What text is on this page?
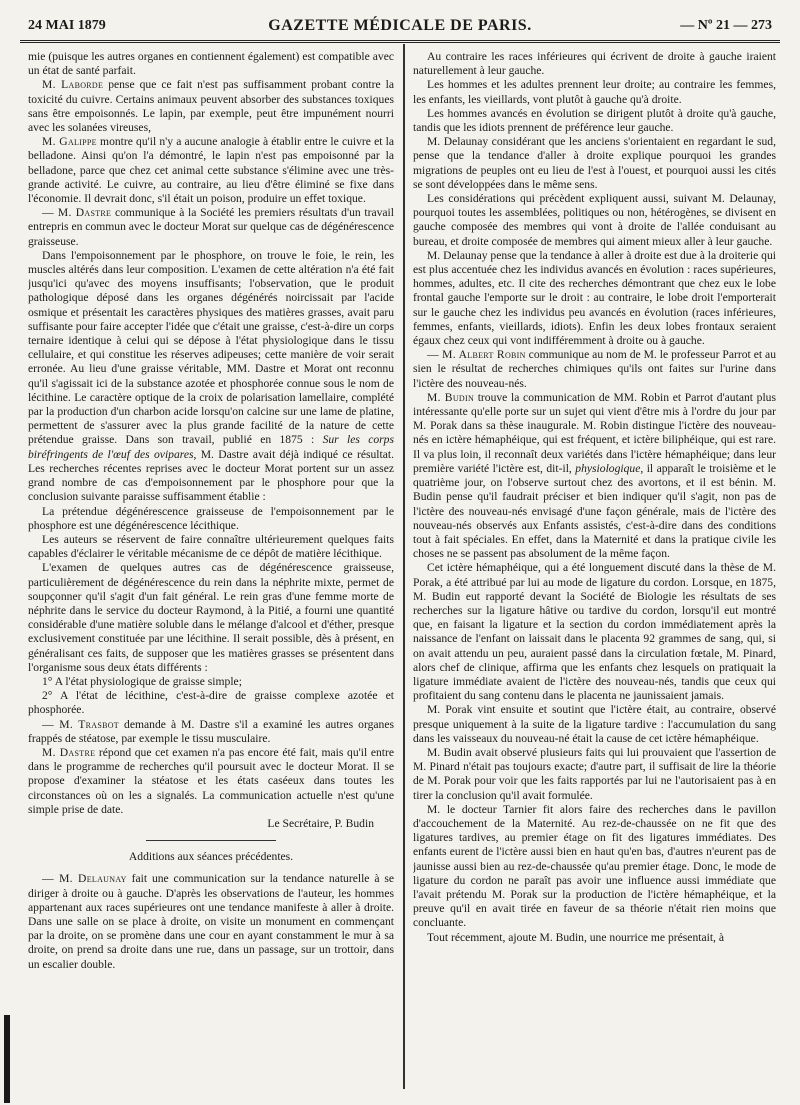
24 MAI 1879	GAZETTE MÉDICALE DE PARIS.	— Nº 21 — 273

mie (puisque les autres organes en contiennent également) est compatible avec un état de santé parfait.

M. Laborde pense que ce fait n'est pas suffisamment probant contre la toxicité du cuivre. Certains animaux peuvent absorber des substances toxiques sans être empoisonnés. Le lapin, par exemple, peut être impunément nourri avec les solanées vireuses,

M. Galippe montre qu'il n'y a aucune analogie à établir entre le cuivre et la belladone. Ainsi qu'on l'a démontré, le lapin n'est pas empoisonné par la belladone, parce que chez cet animal cette substance s'élimine avec une très-grande activité. Le cuivre, au contraire, au lieu d'être éliminé se fixe dans l'économie. Il devrait donc, s'il était un poison, produire un effet toxique.

— M. Dastre communique à la Société les premiers résultats d'un travail entrepris en commun avec le docteur Morat sur quelque cas de dégénérescence graisseuse.

Dans l'empoisonnement par le phosphore, on trouve le foie, le rein, les muscles altérés dans leur composition. L'examen de cette altération n'a été fait jusqu'ici qu'avec des moyens insuffisants; l'observation, que le produit pathologique déposé dans les organes dégénérés noircissait par l'acide osmique et présentait les caractères physiques des matières grasses, avait paru suffisante pour faire accepter l'idée que c'était une graisse, c'est-à-dire un corps ternaire identique à celui qui se dépose à l'état physiologique dans le tissu cellulaire, et qui constitue les réserves adipeuses; cette manière de voir serait erronée. Au lieu d'une graisse véritable, MM. Dastre et Morat ont reconnu qu'il s'agissait ici de la substance azotée et phosphorée connue sous le nom de lécithine. Le caractère optique de la croix de polarisation lamellaire, complété par la production d'un charbon acide lorsqu'on calcine sur une lame de platine, permettent de s'assurer avec la plus grande facilité de la nature de cette prétendue graisse. Dans son travail, publié en 1875 : Sur les corps biréfringents de l'œuf des ovipares, M. Dastre avait déjà indiqué ce résultat. Les recherches récentes reprises avec le docteur Morat portent sur un assez grand nombre de cas d'empoisonnement par le phosphore pour que la conclusion suivante paraisse suffisamment établie :

La prétendue dégénérescence graisseuse de l'empoisonnement par le phosphore est une dégénérescence lécithique.

Les auteurs se réservent de faire connaître ultérieurement quelques faits capables d'éclairer le véritable mécanisme de ce dépôt de matière lécithique.

L'examen de quelques autres cas de dégénérescence graisseuse, particulièrement de dégénérescence du rein dans la néphrite mixte, permet de soupçonner qu'il s'agit d'un fait général. Le rein gras d'une femme morte de néphrite dans le service du docteur Raymond, à la Pitié, a fourni une quantité considérable d'une matière soluble dans le mélange d'alcool et d'éther, presque exclusivement constituée par une lécithine. Il serait possible, dès à présent, en généralisant ces faits, de supposer que les matières grasses se présentent dans l'organisme sous deux états différents :

1° A l'état physiologique de graisse simple;

2° A l'état de lécithine, c'est-à-dire de graisse complexe azotée et phosphorée.

— M. Trasbot demande à M. Dastre s'il a examiné les autres organes frappés de stéatose, par exemple le tissu musculaire.

M. Dastre répond que cet examen n'a pas encore été fait, mais qu'il entre dans le programme de recherches qu'il poursuit avec le docteur Morat. Il se propose d'examiner la stéatose et les états caséeux dans toutes les circonstances où on les a signalés. La communication actuelle n'est qu'une simple prise de date.

Le Secrétaire, P. Budin

Additions aux séances précédentes.

— M. Delaunay fait une communication sur la tendance naturelle à se diriger à droite ou à gauche. D'après les observations de l'auteur, les hommes appartenant aux races supérieures ont une tendance manifeste à aller à droite. Dans une salle on se place à droite, on visite un monument en commençant par la droite, on se promène dans une cour en ayant constamment le mur à sa droite, on prend sa droite dans une rue, dans un passage, sur un trottoir, dans un escalier double.

Au contraire les races inférieures qui écrivent de droite à gauche iraient naturellement à leur gauche.

Les hommes et les adultes prennent leur droite; au contraire les femmes, les enfants, les vieillards, vont plutôt à gauche qu'à droite.

Les hommes avancés en évolution se dirigent plutôt à droite qu'à gauche, tandis que les idiots prennent de préférence leur gauche.

M. Delaunay considérant que les anciens s'orientaient en regardant le sud, pense que la tendance d'aller à droite explique pourquoi les grandes migrations de peuples ont eu lieu de l'est à l'ouest, et pourquoi aussi les cités se sont développées dans le même sens.

Les considérations qui précèdent expliquent aussi, suivant M. Delaunay, pourquoi toutes les assemblées, politiques ou non, hétérogènes, se divisent en gauche composée des membres qui vont à droite de l'allée conduisant au bureau, et droite composée de membres qui aiment mieux aller à leur gauche.

M. Delaunay pense que la tendance à aller à droite est due à la droiterie qui est plus accentuée chez les individus avancés en évolution : races supérieures, hommes, adultes, etc. Il cite des recherches démontrant que chez eux le lobe frontal gauche l'emporte sur le droit : au contraire, le lobe droit l'emporterait sur le gauche chez les individus peu avancés en évolution (races inférieures, femmes, enfants, vieillards, idiots). Enfin les deux lobes frontaux seraient égaux chez ceux qui vont indifféremment à droite ou à gauche.

— M. Albert Robin communique au nom de M. le professeur Parrot et au sien le résultat de recherches chimiques qu'ils ont faites sur l'urine dans l'ictère des nouveau-nés.

M. Budin trouve la communication de MM. Robin et Parrot d'autant plus intéressante qu'elle porte sur un sujet qui vient d'être mis à l'ordre du jour par M. Porak dans sa thèse inaugurale. M. Robin distingue l'ictère des nouveau-nés en ictère hémaphéique, qui est fréquent, et ictère biliphéique, qui est rare. Il va plus loin, il reconnaît deux variétés dans l'ictère hémaphéique; dans leur première variété l'ictère est, dit-il, physiologique, il apparaît le troisième et le quatrième jour, on l'observe surtout chez des avortons, et il est bénin. M. Budin pense qu'il faudrait préciser et bien indiquer qu'il s'agit, non pas de l'ictère des nouveau-nés envisagé d'une façon générale, mais de l'ictère des nouveau-nés observés aux Enfants assistés, c'est-à-dire dans des conditions tout à fait spéciales. En effet, dans la Maternité et dans la pratique civile les choses ne se passent pas absolument de la même façon.

Cet ictère hémaphéique, qui a été longuement discuté dans la thèse de M. Porak, a été attribué par lui au mode de ligature du cordon. Lorsque, en 1875, M. Budin eut rapporté devant la Société de Biologie les résultats de ses recherches sur la ligature hâtive ou tardive du cordon, lorsqu'il eut montré que, en faisant la ligature et la section du cordon immédiatement après la naissance de l'enfant on laissait dans le placenta 92 grammes de sang, qui, si on avait attendu un peu, auraient passé dans la circulation fœtale, M. Pinard, alors chef de clinique, affirma que les enfants chez lesquels on pratiquait la ligature immédiate avaient de l'ictère des nouveau-nés, tandis que ceux qui profitaient du sang contenu dans le placenta ne jaunissaient jamais.

M. Porak vint ensuite et soutint que l'ictère était, au contraire, observé presque uniquement à la suite de la ligature tardive : l'accumulation du sang dans les vaisseaux du nouveau-né était la cause de cet ictère hémaphéique.

M. Budin avait observé plusieurs faits qui lui prouvaient que l'assertion de M. Pinard n'était pas toujours exacte; d'autre part, il suffisait de lire la théorie de M. Porak pour voir que les faits rapportés par lui ne l'autorisaient pas à en tirer la conclusion qu'il avait formulée.

M. le docteur Tarnier fit alors faire des recherches dans le pavillon d'accouchement de la Maternité. Au rez-de-chaussée on ne fit que des ligatures tardives, au premier étage on fit des ligatures immédiates. Des enfants eurent de l'ictère aussi bien en haut qu'en bas, d'autres n'eurent pas de jaunisse aussi bien au rez-de-chaussée qu'au premier étage. Donc, le mode de ligature du cordon ne paraît pas avoir une influence aussi immédiate que l'avait prétendu M. Porak sur la production de l'ictère hémaphéique, et la preuve qu'il en avait tirée en faveur de sa théorie n'était rien moins que concluante.

Tout récemment, ajoute M. Budin, une nourrice me présentait, à
